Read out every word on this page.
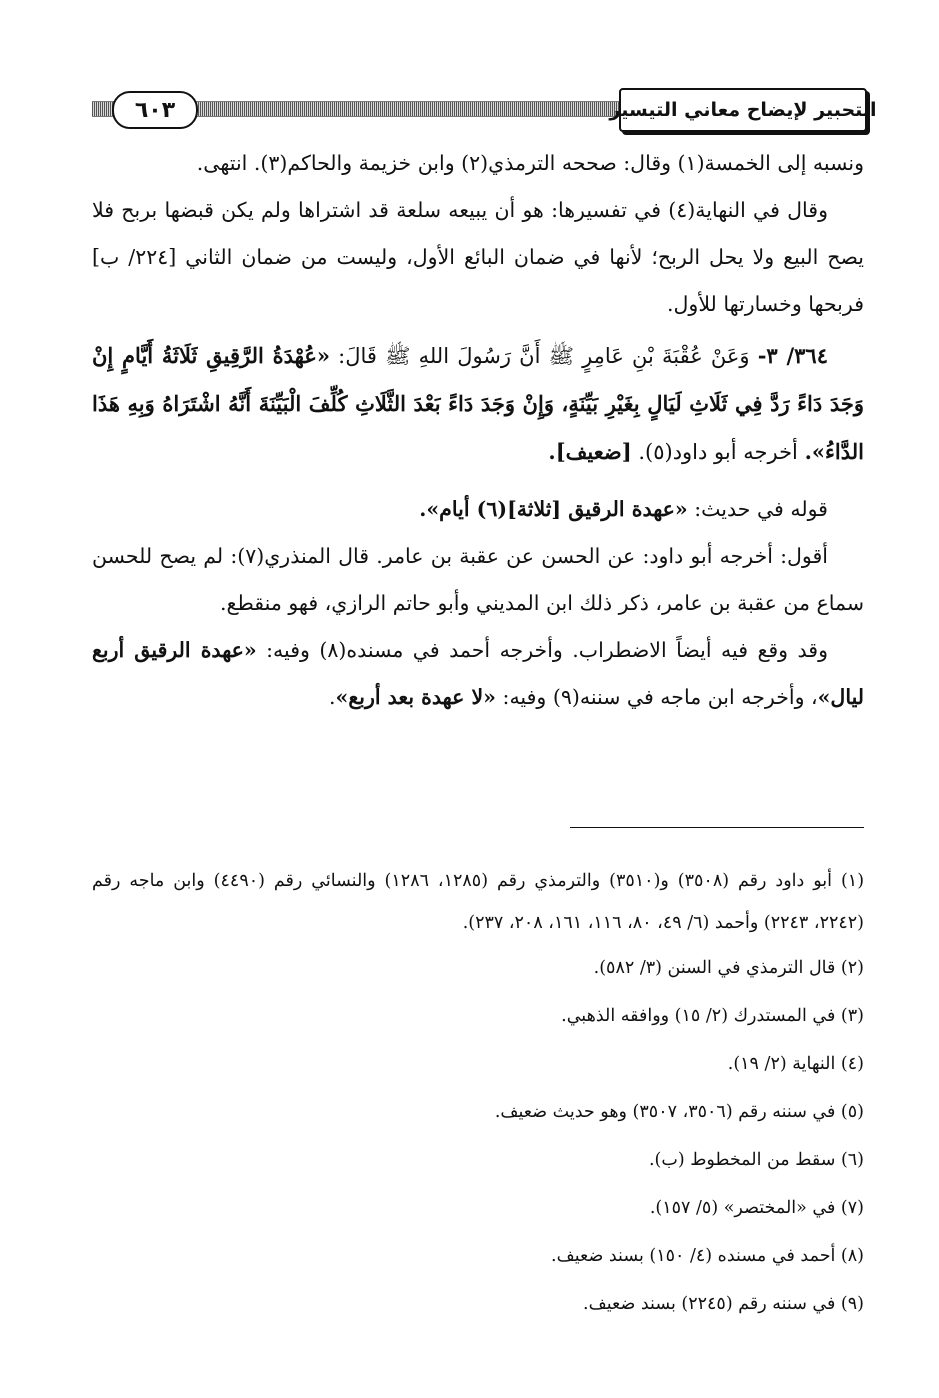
٦٠٣	التحبير لإيضاح معاني التيسير

ونسبه إلى الخمسة(١) وقال: صححه الترمذي(٢) وابن خزيمة والحاكم(٣). انتهى.

وقال في النهاية(٤) في تفسيرها: هو أن يبيعه سلعة قد اشتراها ولم يكن قبضها بربح فلا يصح البيع ولا يحل الربح؛ لأنها في ضمان البائع الأول، وليست من ضمان الثاني [٢٢٤/ ب] فربحها وخسارتها للأول.

٣٦٤/ ٣- وَعَنْ عُقْبَةَ بْنِ عَامِرٍ ﷺ أَنَّ رَسُولَ اللهِ ﷺ قَالَ: «عُهْدَةُ الرَّقِيقِ ثَلَاثَةُ أَيَّامٍ إِنْ وَجَدَ دَاءً رَدَّ فِي ثَلَاثِ لَيَالٍ بِغَيْرِ بَيِّنَةٍ، وَإِنْ وَجَدَ دَاءً بَعْدَ الثَّلَاثِ كُلِّفَ الْبَيِّنَةَ أَنَّهُ اشْتَرَاهُ وَبِهِ هَذَا الدَّاءُ». أخرجه أبو داود(٥). [ضعيف].

قوله في حديث: «عهدة الرقيق [ثلاثة](٦) أيام».

أقول: أخرجه أبو داود: عن الحسن عن عقبة بن عامر. قال المنذري(٧): لم يصح للحسن سماع من عقبة بن عامر، ذكر ذلك ابن المديني وأبو حاتم الرازي، فهو منقطع.

وقد وقع فيه أيضاً الاضطراب. وأخرجه أحمد في مسنده(٨) وفيه: «عهدة الرقيق أربع ليال»، وأخرجه ابن ماجه في سننه(٩) وفيه: «لا عهدة بعد أربع».

(١) أبو داود رقم (٣٥٠٨) و(٣٥١٠) والترمذي رقم (١٢٨٥، ١٢٨٦) والنسائي رقم (٤٤٩٠) وابن ماجه رقم (٢٢٤٢، ٢٢٤٣) وأحمد (٦/ ٤٩، ٨٠، ١١٦، ١٦١، ٢٠٨، ٢٣٧).

(٢) قال الترمذي في السنن (٣/ ٥٨٢).

(٣) في المستدرك (٢/ ١٥) ووافقه الذهبي.

(٤) النهاية (٢/ ١٩).

(٥) في سننه رقم (٣٥٠٦، ٣٥٠٧) وهو حديث ضعيف.

(٦) سقط من المخطوط (ب).

(٧) في «المختصر» (٥/ ١٥٧).

(٨) أحمد في مسنده (٤/ ١٥٠) بسند ضعيف.

(٩) في سننه رقم (٢٢٤٥) بسند ضعيف.
